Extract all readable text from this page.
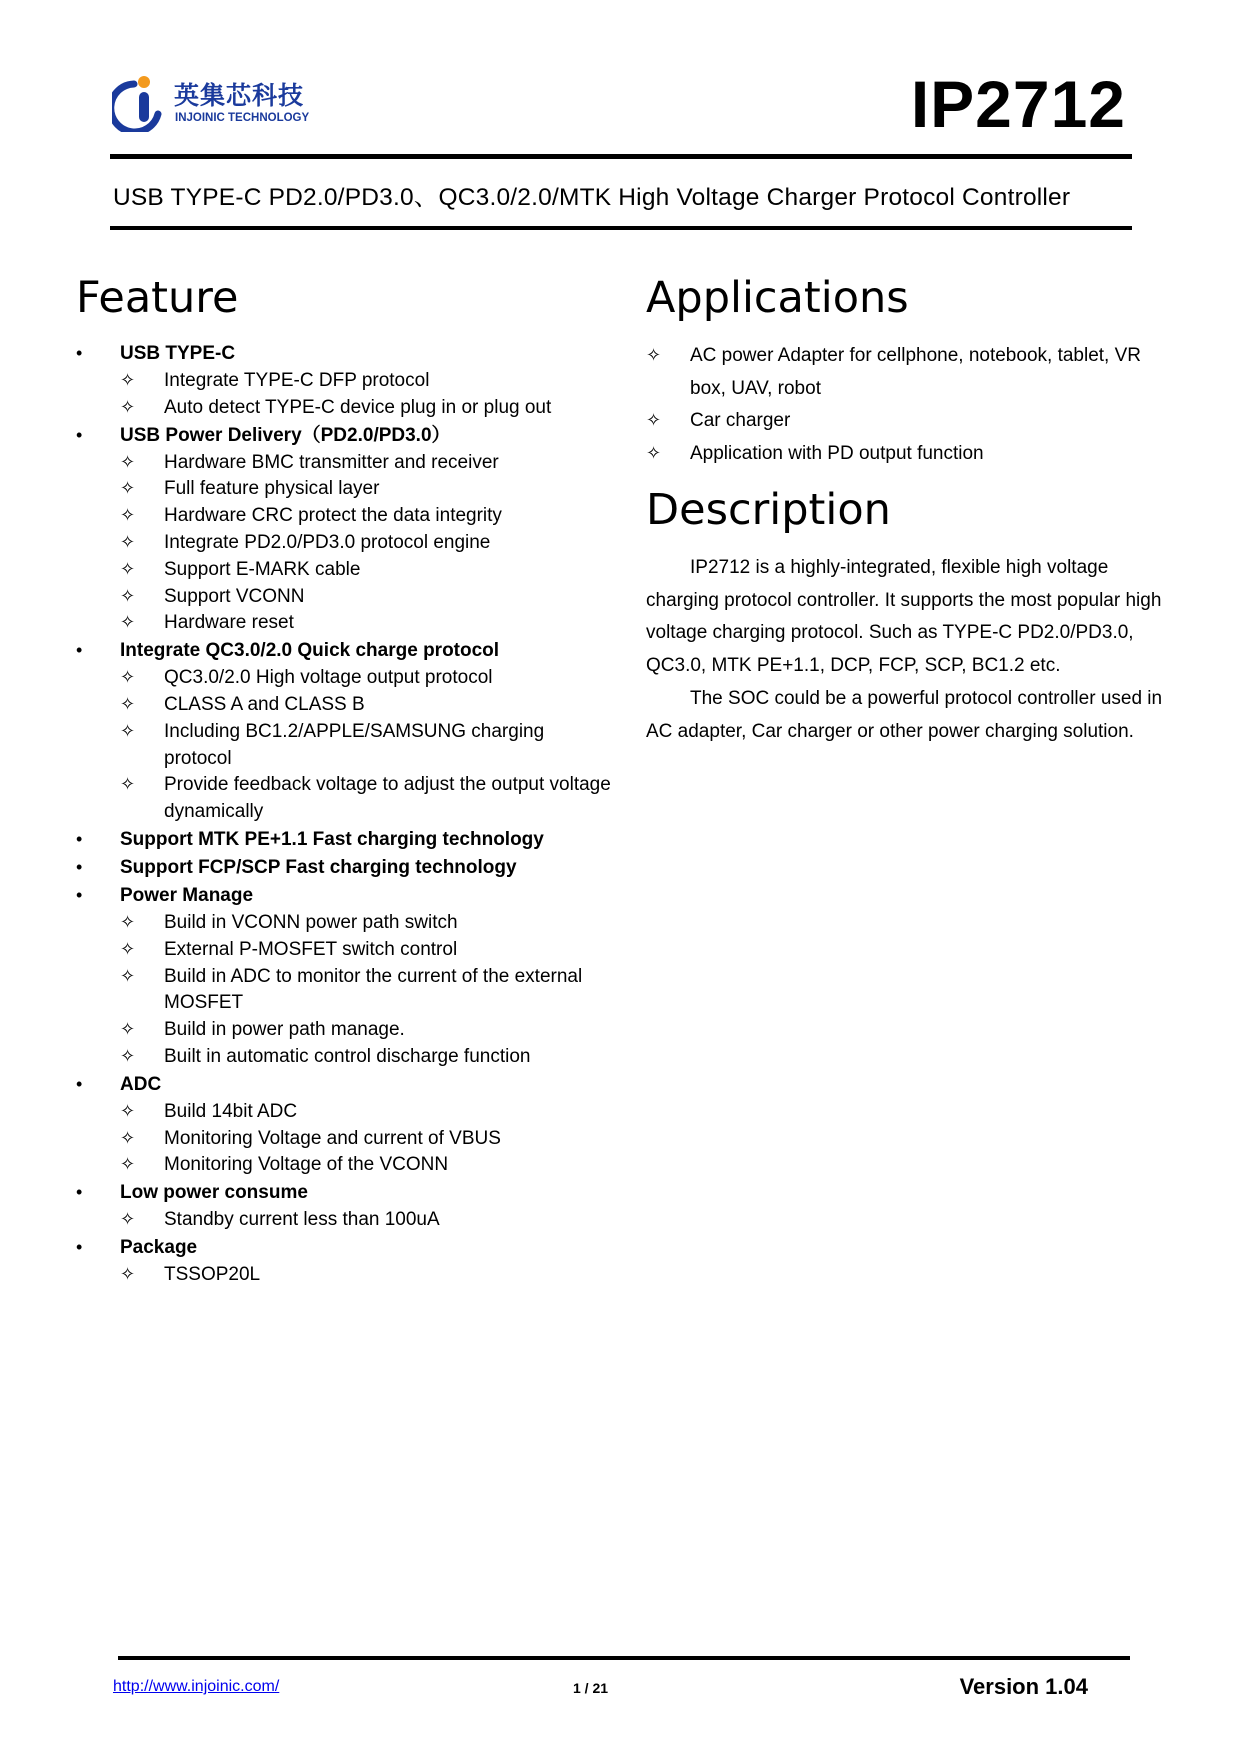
英集芯科技
INJOINIC TECHNOLOGY	IP2712
USB TYPE-C PD2.0/PD3.0、QC3.0/2.0/MTK High Voltage Charger Protocol Controller
Feature
• USB TYPE-C
✧ Integrate TYPE-C DFP protocol
✧ Auto detect TYPE-C device plug in or plug out
• USB Power Delivery（PD2.0/PD3.0）
✧ Hardware BMC transmitter and receiver
✧ Full feature physical layer
✧ Hardware CRC protect the data integrity
✧ Integrate PD2.0/PD3.0 protocol engine
✧ Support E-MARK cable
✧ Support VCONN
✧ Hardware reset
• Integrate QC3.0/2.0 Quick charge protocol
✧ QC3.0/2.0 High voltage output protocol
✧ CLASS A and CLASS B
✧ Including BC1.2/APPLE/SAMSUNG charging protocol
✧ Provide feedback voltage to adjust the output voltage dynamically
• Support MTK PE+1.1 Fast charging technology
• Support FCP/SCP Fast charging technology
• Power Manage
✧ Build in VCONN power path switch
✧ External P-MOSFET switch control
✧ Build in ADC to monitor the current of the external MOSFET
✧ Build in power path manage.
✧ Built in automatic control discharge function
• ADC
✧ Build 14bit ADC
✧ Monitoring Voltage and current of VBUS
✧ Monitoring Voltage of the VCONN
• Low power consume
✧ Standby current less than 100uA
• Package
✧ TSSOP20L
Applications
✧ AC power Adapter for cellphone, notebook, tablet, VR box, UAV, robot
✧ Car charger
✧ Application with PD output function
Description

IP2712 is a highly-integrated, flexible high voltage charging protocol controller. It supports the most popular high voltage charging protocol. Such as TYPE-C PD2.0/PD3.0, QC3.0, MTK PE+1.1, DCP, FCP, SCP, BC1.2 etc.

The SOC could be a powerful protocol controller used in AC adapter, Car charger or other power charging solution.

http://www.injoinic.com/	1 / 21	Version 1.04
